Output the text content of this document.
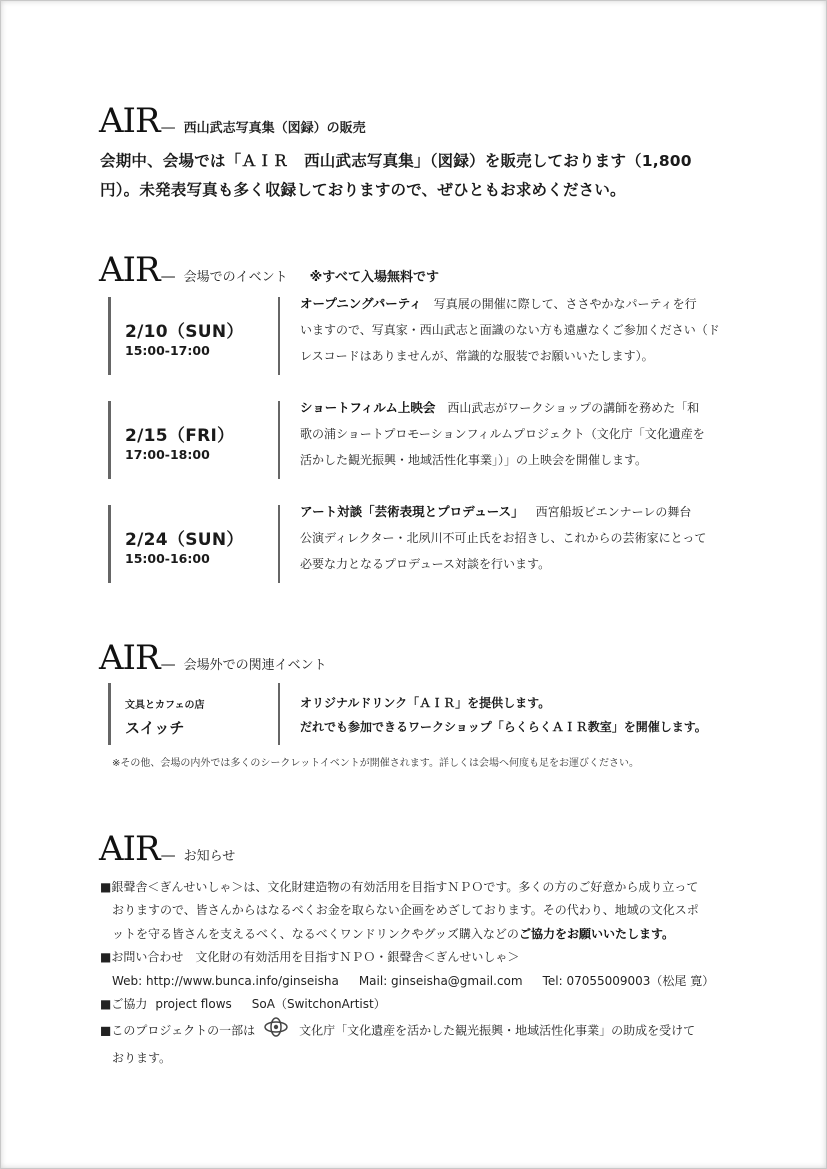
AIR — 西山武志写真集（図録）の販売

会期中、会場では「ＡＩＲ　西山武志写真集」（図録）を販売しております（1,800
円）。未発表写真も多く収録しておりますので、ぜひともお求めください。

AIR — 会場でのイベント ※すべて入場無料です
2/10（SUN）
15:00-17:00

オープニングパーティ 写真展の開催に際して、ささやかなパーティを行
いますので、写真家・西山武志と面識のない方も遠慮なくご参加ください（ド
レスコードはありませんが、常識的な服装でお願いいたします）。

2/15（FRI）
17:00-18:00

ショートフィルム上映会 西山武志がワークショップの講師を務めた「和
歌の浦ショートプロモーションフィルムプロジェクト（文化庁「文化遺産を
活かした観光振興・地域活性化事業」）」の上映会を開催します。

2/24（SUN）
15:00-16:00

アート対談「芸術表現とプロデュース」 西宮船坂ビエンナーレの舞台
公演ディレクター・北夙川不可止氏をお招きし、これからの芸術家にとって
必要な力となるプロデュース対談を行います。

AIR — 会場外での関連イベント
文具とカフェの店
スイッチ

オリジナルドリンク「ＡＩＲ」を提供します。
だれでも参加できるワークショップ「らくらくＡＩＲ教室」を開催します。

※その他、会場の内外では多くのシークレットイベントが開催されます。詳しくは会場へ何度も足をお運びください。
AIR — お知らせ

■銀聲舎＜ぎんせいしゃ＞は、文化財建造物の有効活用を目指すＮＰＯです。多くの方のご好意から成り立って

おりますので、皆さんからはなるべくお金を取らない企画をめざしております。その代わり、地域の文化スポ

ットを守る皆さんを支えるべく、なるべくワンドリンクやグッズ購入などのご協力をお願いいたします。

■お問い合わせ　文化財の有効活用を目指すＮＰＯ・銀聲舎＜ぎんせいしゃ＞

Web: http://www.bunca.info/ginseisha Mail: ginseisha@gmail.com Tel: 07055009003（松尾 寛）

■ご協力 project flows SoA（SwitchonArtist）

■このプロジェクトの一部は	文化庁「文化遺産を活かした観光振興・地域活性化事業」の助成を受けて

おります。
